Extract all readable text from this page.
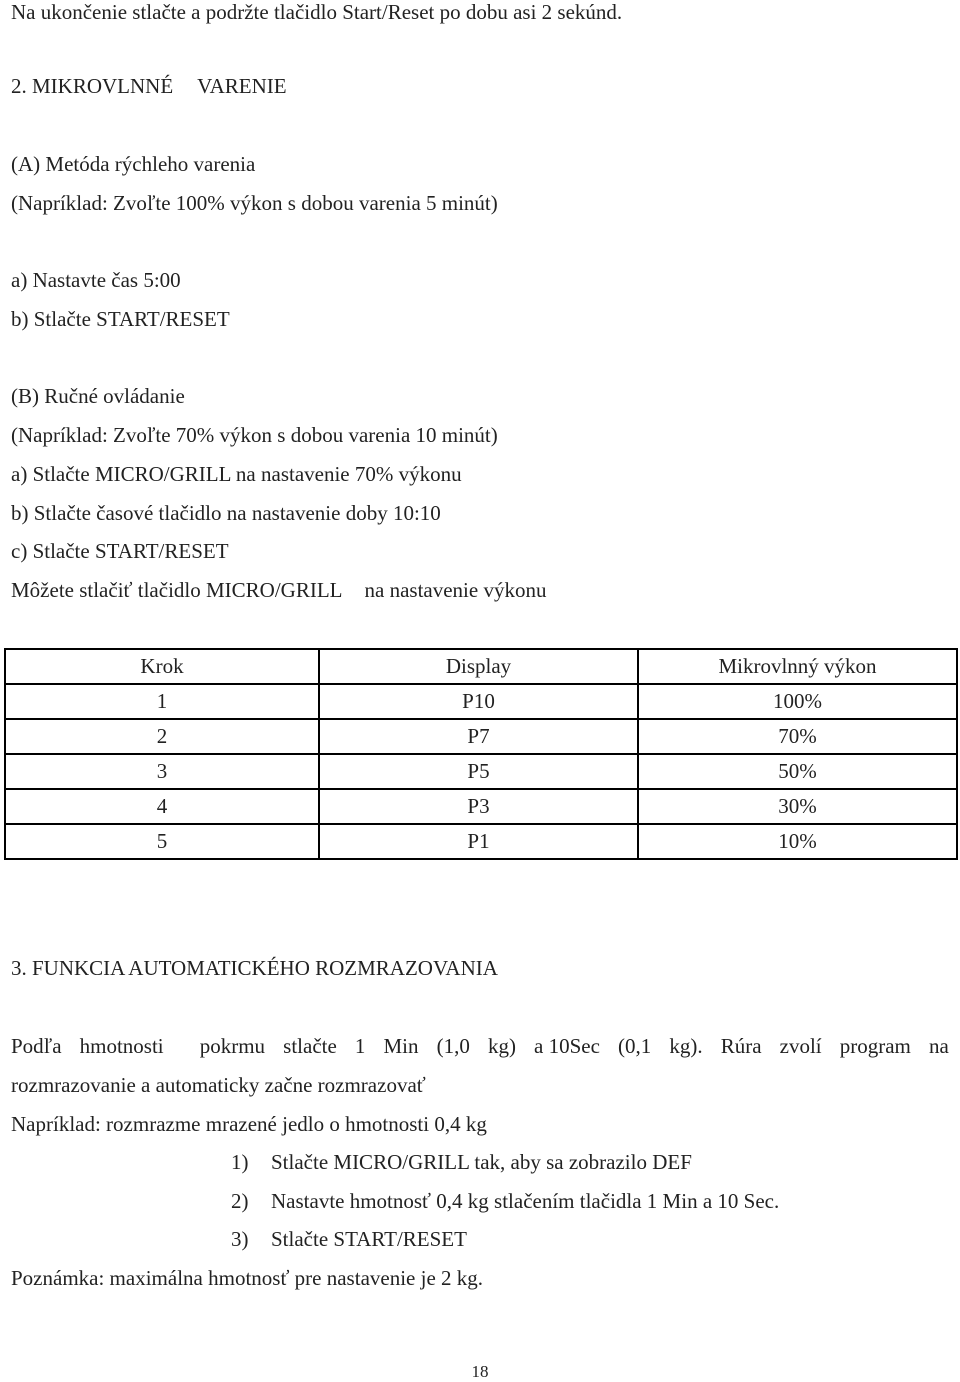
Na ukončenie stlačte a podržte tlačidlo Start/Reset po dobu asi 2 sekúnd.
2. MIKROVLNNÉ VARENIE
(A) Metóda rýchleho varenia
(Napríklad: Zvoľte 100% výkon s dobou varenia 5 minút)
a) Nastavte čas 5:00
b) Stlačte START/RESET
(B) Ručné ovládanie
(Napríklad: Zvoľte 70% výkon s dobou varenia 10 minút)
a) Stlačte MICRO/GRILL na nastavenie 70% výkonu
b) Stlačte časové tlačidlo na nastavenie doby 10:10
c) Stlačte START/RESET
Môžete stlačiť tlačidlo MICRO/GRILL na nastavenie výkonu
Krok	Display	Mikrovlnný výkon
1	P10	100%
2	P7	70%
3	P5	50%
4	P3	30%
5	P1	10%
3. FUNKCIA AUTOMATICKÉHO ROZMRAZOVANIA
Podľa hmotnosti pokrmu stlačte 1 Min (1,0 kg) a 10Sec (0,1 kg). Rúra zvolí program na
rozmrazovanie a automaticky začne rozmrazovať
Napríklad: rozmrazme mrazené jedlo o hmotnosti 0,4 kg
1) Stlačte MICRO/GRILL tak, aby sa zobrazilo DEF
2) Nastavte hmotnosť 0,4 kg stlačením tlačidla 1 Min a 10 Sec.
3) Stlačte START/RESET
Poznámka: maximálna hmotnosť pre nastavenie je 2 kg.
18
